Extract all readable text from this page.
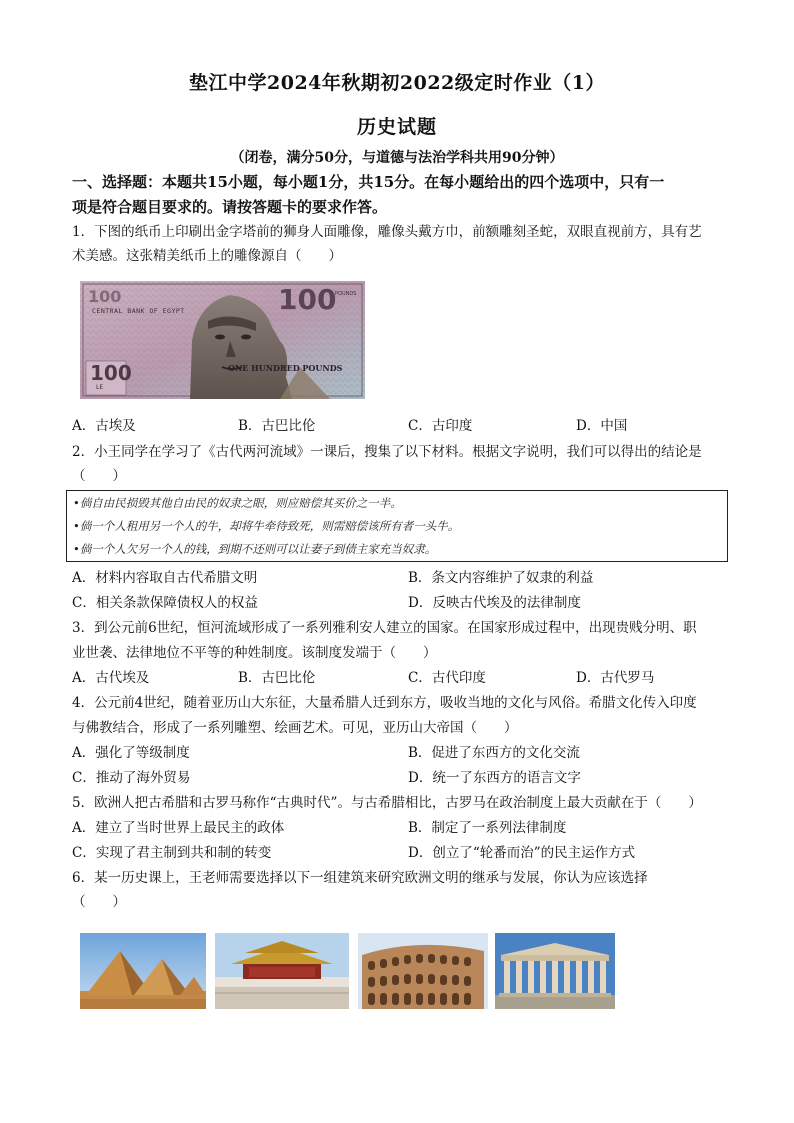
垫江中学2024年秋期初2022级定时作业（1）
历史试题
（闭卷，满分50分，与道德与法治学科共用90分钟）
一、选择题：本题共15小题，每小题1分，共15分。在每小题给出的四个选项中，只有一
项是符合题目要求的。请按答题卡的要求作答。
1．下图的纸币上印刷出金字塔前的狮身人面雕像，雕像头戴方巾，前额雕刻圣蛇，双眼直视前方，具有艺
术美感。这张精美纸币上的雕像源自（　　）
CENTRAL BANK OF EGYPT
100	100
POUNDS
100
LE
ONE HUNDRED POUNDS
A．古埃及	B．古巴比伦	C．古印度	D．中国
2．小王同学在学习了《古代两河流域》一课后，搜集了以下材料。根据文字说明，我们可以得出的结论是
（　　）
•倘自由民损毁其他自由民的奴隶之眼，则应赔偿其买价之一半。
•倘一个人租用另一个人的牛，却将牛牵待致死，则需赔偿该所有者一头牛。
•倘一个人欠另一个人的钱，到期不还则可以让妻子到债主家充当奴隶。
A．材料内容取自古代希腊文明	B．条文内容维护了奴隶的利益
C．相关条款保障债权人的权益	D．反映古代埃及的法律制度
3．到公元前6世纪，恒河流域形成了一系列雅利安人建立的国家。在国家形成过程中，出现贵贱分明、职
业世袭、法律地位不平等的种姓制度。该制度发端于（　　）
A．古代埃及	B．古巴比伦	C．古代印度	D．古代罗马
4．公元前4世纪，随着亚历山大东征，大量希腊人迁到东方，吸收当地的文化与风俗。希腊文化传入印度
与佛教结合，形成了一系列雕塑、绘画艺术。可见，亚历山大帝国（　　）
A．强化了等级制度	B．促进了东西方的文化交流
C．推动了海外贸易	D．统一了东西方的语言文字
5．欧洲人把古希腊和古罗马称作“古典时代”。与古希腊相比，古罗马在政治制度上最大贡献在于（　　）
A．建立了当时世界上最民主的政体	B．制定了一系列法律制度
C．实现了君主制到共和制的转变	D．创立了“轮番而治”的民主运作方式
6．某一历史课上，王老师需要选择以下一组建筑来研究欧洲文明的继承与发展，你认为应该选择
（　　）
